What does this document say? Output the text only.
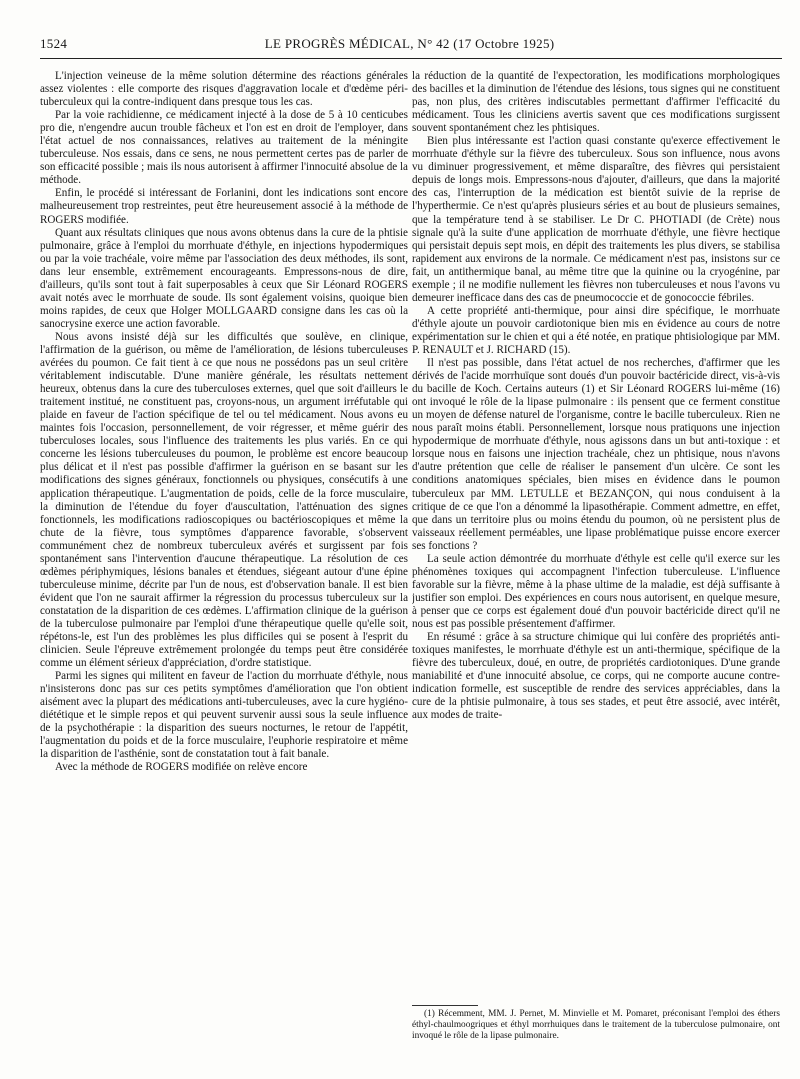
1524	LE PROGRÈS MÉDICAL, N° 42 (17 Octobre 1925)

L'injection veineuse de la même solution détermine des réactions générales assez violentes : elle comporte des risques d'aggravation locale et d'œdème péri-tuberculeux qui la contre-indiquent dans presque tous les cas.

Par la voie rachidienne, ce médicament injecté à la dose de 5 à 10 centicubes pro die, n'engendre aucun trouble fâcheux et l'on est en droit de l'employer, dans l'état actuel de nos connaissances, relatives au traitement de la méningite tuberculeuse. Nos essais, dans ce sens, ne nous permettent certes pas de parler de son efficacité possible ; mais ils nous autorisent à affirmer l'innocuité absolue de la méthode.

Enfin, le procédé si intéressant de Forlanini, dont les indications sont encore malheureusement trop restreintes, peut être heureusement associé à la méthode de ROGERS modifiée.

Quant aux résultats cliniques que nous avons obtenus dans la cure de la phtisie pulmonaire, grâce à l'emploi du morrhuate d'éthyle, en injections hypodermiques ou par la voie trachéale, voire même par l'association des deux méthodes, ils sont, dans leur ensemble, extrêmement encourageants. Empressons-nous de dire, d'ailleurs, qu'ils sont tout à fait superposables à ceux que Sir Léonard ROGERS avait notés avec le morrhuate de soude. Ils sont également voisins, quoique bien moins rapides, de ceux que Holger MOLLGAARD consigne dans les cas où la sanocrysine exerce une action favorable.

Nous avons insisté déjà sur les difficultés que soulève, en clinique, l'affirmation de la guérison, ou même de l'amélioration, de lésions tuberculeuses avérées du poumon. Ce fait tient à ce que nous ne possédons pas un seul critère véritablement indiscutable. D'une manière générale, les résultats nettement heureux, obtenus dans la cure des tuberculoses externes, quel que soit d'ailleurs le traitement institué, ne constituent pas, croyons-nous, un argument irréfutable qui plaide en faveur de l'action spécifique de tel ou tel médicament. Nous avons eu maintes fois l'occasion, personnellement, de voir régresser, et même guérir des tuberculoses locales, sous l'influence des traitements les plus variés. En ce qui concerne les lésions tuberculeuses du poumon, le problème est encore beaucoup plus délicat et il n'est pas possible d'affirmer la guérison en se basant sur les modifications des signes généraux, fonctionnels ou physiques, consécutifs à une application thérapeutique. L'augmentation de poids, celle de la force musculaire, la diminution de l'étendue du foyer d'auscultation, l'atténuation des signes fonctionnels, les modifications radioscopiques ou bactérioscopiques et même la chute de la fièvre, tous symptômes d'apparence favorable, s'observent communément chez de nombreux tuberculeux avérés et surgissent par fois spontanément sans l'intervention d'aucune thérapeutique. La résolution de ces œdèmes périphymiques, lésions banales et étendues, siégeant autour d'une épine tuberculeuse minime, décrite par l'un de nous, est d'observation banale. Il est bien évident que l'on ne saurait affirmer la régression du processus tuberculeux sur la constatation de la disparition de ces œdèmes. L'affirmation clinique de la guérison de la tuberculose pulmonaire par l'emploi d'une thérapeutique quelle qu'elle soit, répétons-le, est l'un des problèmes les plus difficiles qui se posent à l'esprit du clinicien. Seule l'épreuve extrêmement prolongée du temps peut être considérée comme un élément sérieux d'appréciation, d'ordre statistique.

Parmi les signes qui militent en faveur de l'action du morrhuate d'éthyle, nous n'insisterons donc pas sur ces petits symptômes d'amélioration que l'on obtient aisément avec la plupart des médications anti-tuberculeuses, avec la cure hygiéno-diététique et le simple repos et qui peuvent survenir aussi sous la seule influence de la psychothérapie : la disparition des sueurs nocturnes, le retour de l'appétit, l'augmentation du poids et de la force musculaire, l'euphorie respiratoire et même la disparition de l'asthénie, sont de constatation tout à fait banale.

Avec la méthode de ROGERS modifiée on relève encore

la réduction de la quantité de l'expectoration, les modifications morphologiques des bacilles et la diminution de l'étendue des lésions, tous signes qui ne constituent pas, non plus, des critères indiscutables permettant d'affirmer l'efficacité du médicament. Tous les cliniciens avertis savent que ces modifications surgissent souvent spontanément chez les phtisiques.

Bien plus intéressante est l'action quasi constante qu'exerce effectivement le morrhuate d'éthyle sur la fièvre des tuberculeux. Sous son influence, nous avons vu diminuer progressivement, et même disparaître, des fièvres qui persistaient depuis de longs mois. Empressons-nous d'ajouter, d'ailleurs, que dans la majorité des cas, l'interruption de la médication est bientôt suivie de la reprise de l'hyperthermie. Ce n'est qu'après plusieurs séries et au bout de plusieurs semaines, que la température tend à se stabiliser. Le Dr C. PHOTIADI (de Crète) nous signale qu'à la suite d'une application de morrhuate d'éthyle, une fièvre hectique qui persistait depuis sept mois, en dépit des traitements les plus divers, se stabilisa rapidement aux environs de la normale. Ce médicament n'est pas, insistons sur ce fait, un antithermique banal, au même titre que la quinine ou la cryogénine, par exemple ; il ne modifie nullement les fièvres non tuberculeuses et nous l'avons vu demeurer inefficace dans des cas de pneumococcie et de gonococcie fébriles.

A cette propriété anti-thermique, pour ainsi dire spécifique, le morrhuate d'éthyle ajoute un pouvoir cardiotonique bien mis en évidence au cours de notre expérimentation sur le chien et qui a été notée, en pratique phtisiologique par MM. P. RENAULT et J. RICHARD (15).

Il n'est pas possible, dans l'état actuel de nos recherches, d'affirmer que les dérivés de l'acide morrhuïque sont doués d'un pouvoir bactéricide direct, vis-à-vis du bacille de Koch. Certains auteurs (1) et Sir Léonard ROGERS lui-même (16) ont invoqué le rôle de la lipase pulmonaire : ils pensent que ce ferment constitue un moyen de défense naturel de l'organisme, contre le bacille tuberculeux. Rien ne nous paraît moins établi. Personnellement, lorsque nous pratiquons une injection hypodermique de morrhuate d'éthyle, nous agissons dans un but anti-toxique : et lorsque nous en faisons une injection trachéale, chez un phtisique, nous n'avons d'autre prétention que celle de réaliser le pansement d'un ulcère. Ce sont les conditions anatomiques spéciales, bien mises en évidence dans le poumon tuberculeux par MM. LETULLE et BEZANÇON, qui nous conduisent à la critique de ce que l'on a dénommé la lipasothérapie. Comment admettre, en effet, que dans un territoire plus ou moins étendu du poumon, où ne persistent plus de vaisseaux réellement perméables, une lipase problématique puisse encore exercer ses fonctions ?

La seule action démontrée du morrhuate d'éthyle est celle qu'il exerce sur les phénomènes toxiques qui accompagnent l'infection tuberculeuse. L'influence favorable sur la fièvre, même à la phase ultime de la maladie, est déjà suffisante à justifier son emploi. Des expériences en cours nous autorisent, en quelque mesure, à penser que ce corps est également doué d'un pouvoir bactéricide direct qu'il ne nous est pas possible présentement d'affirmer.

En résumé : grâce à sa structure chimique qui lui confère des propriétés anti-toxiques manifestes, le morrhuate d'éthyle est un anti-thermique, spécifique de la fièvre des tuberculeux, doué, en outre, de propriétés cardiotoniques. D'une grande maniabilité et d'une innocuité absolue, ce corps, qui ne comporte aucune contre-indication formelle, est susceptible de rendre des services appréciables, dans la cure de la phtisie pulmonaire, à tous ses stades, et peut être associé, avec intérêt, aux modes de traite-

(1) Récemment, MM. J. Pernet, M. Minvielle et M. Pomaret, préconisant l'emploi des éthers éthyl-chaulmoogriques et éthyl morrhuiques dans le traitement de la tuberculose pulmonaire, ont invoqué le rôle de la lipase pulmonaire.
